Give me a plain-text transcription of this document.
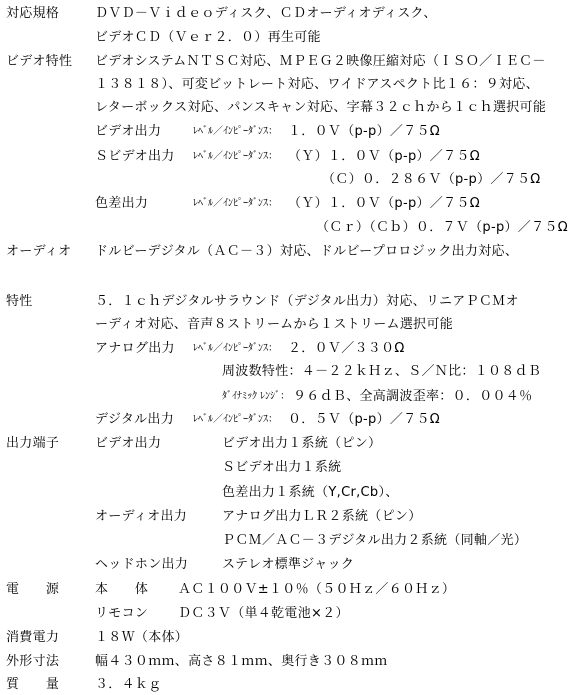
対応規格	ＤＶＤ－Ｖｉｄｅｏディスク、ＣＤオーディオディスク、
ビデオＣＤ（Ｖｅｒ２．０）再生可能
ビデオ特性 ビデオシステムＮＴＳＣ対応、ＭＰＥＧ２映像圧縮対応（ＩＳＯ／ＩＥＣ－
１３８１８）、可変ビットレート対応、ワイドアスペクト比１６：９対応、
レターボックス対応、パンスキャン対応、字幕３２ｃｈから１ｃｈ選択可能
ビデオ出力	ﾚﾍﾞﾙ／ｲﾝﾋﾟｰﾀﾞﾝｽ： １．０Ｖ（p-p）／７５Ω
Ｓビデオ出力 ﾚﾍﾞﾙ／ｲﾝﾋﾟｰﾀﾞﾝｽ： （Ｙ）１．０Ｖ（p-p）／７５Ω
（Ｃ）０．２８６Ｖ（p-p）／７５Ω
色差出力	ﾚﾍﾞﾙ／ｲﾝﾋﾟｰﾀﾞﾝｽ： （Ｙ）１．０Ｖ（p-p）／７５Ω
（Ｃｒ）（Ｃｂ）０．７Ｖ（p-p）／７５Ω
オーディオ ドルビーデジタル（ＡＣ－３）対応、ドルビープロロジック出力対応、
特性	５．１ｃｈデジタルサラウンド（デジタル出力）対応、リニアＰＣＭオ
ーディオ対応、音声８ストリームから１ストリーム選択可能
アナログ出力 ﾚﾍﾞﾙ／ｲﾝﾋﾟｰﾀﾞﾝｽ： ２．０Ｖ／３３０Ω
周波数特性：４－２２ｋＨｚ、Ｓ／Ｎ比：１０８ｄＢ
ﾀﾞｲﾅﾐｯｸ ﾚﾝｼﾞ： ９６ｄＢ、全高調波歪率：０．００４％
デジタル出力 ﾚﾍﾞﾙ／ｲﾝﾋﾟｰﾀﾞﾝｽ： ０．５Ｖ（p-p）／７５Ω
出力端子	ビデオ出力	ビデオ出力１系統（ピン）
Ｓビデオ出力１系統
色差出力１系統（Y,Cr,Cb）、
オーディオ出力	アナログ出力ＬＲ２系統（ピン）
ＰＣＭ／ＡＣ－３デジタル出力２系統（同軸／光）
ヘッドホン出力	ステレオ標準ジャック
電　　源	本　　体 ＡＣ１００Ｖ±１０％（５０Ｈｚ／６０Ｈｚ）
リモコン ＤＣ３Ｖ（単４乾電池×２）
消費電力	１８Ｗ（本体）
外形寸法	幅４３０ｍｍ、高さ８１ｍｍ、奥行き３０８ｍｍ
質　　量	３．４ｋｇ
